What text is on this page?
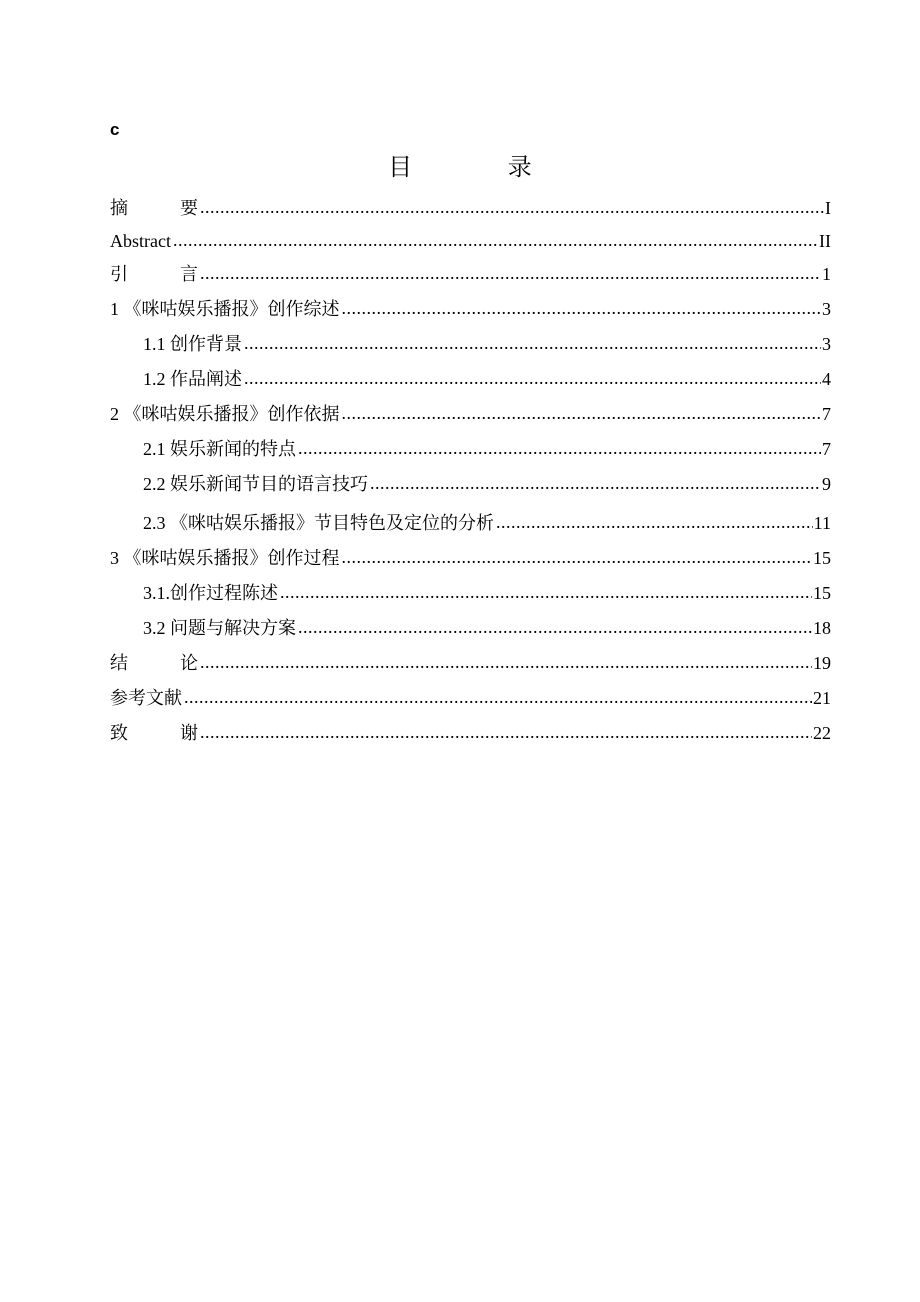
c
目 录
摘	要 .....	I
Abstract .....	II
引	言 .....	1
1 《咪咕娱乐播报》创作综述 .....	3
1.1 创作背景 .....	3
1.2 作品阐述 .....	4
2 《咪咕娱乐播报》创作依据 .....	7
2.1 娱乐新闻的特点 .....	7
2.2 娱乐新闻节目的语言技巧 .....	9
2.3 《咪咕娱乐播报》节目特色及定位的分析 .....	11
3 《咪咕娱乐播报》创作过程 .....	15
3.1.创作过程陈述 .....	15
3.2 问题与解决方案 .....	18
结	论 .....	19
参考文献 .....	21
致	谢 .....	22
